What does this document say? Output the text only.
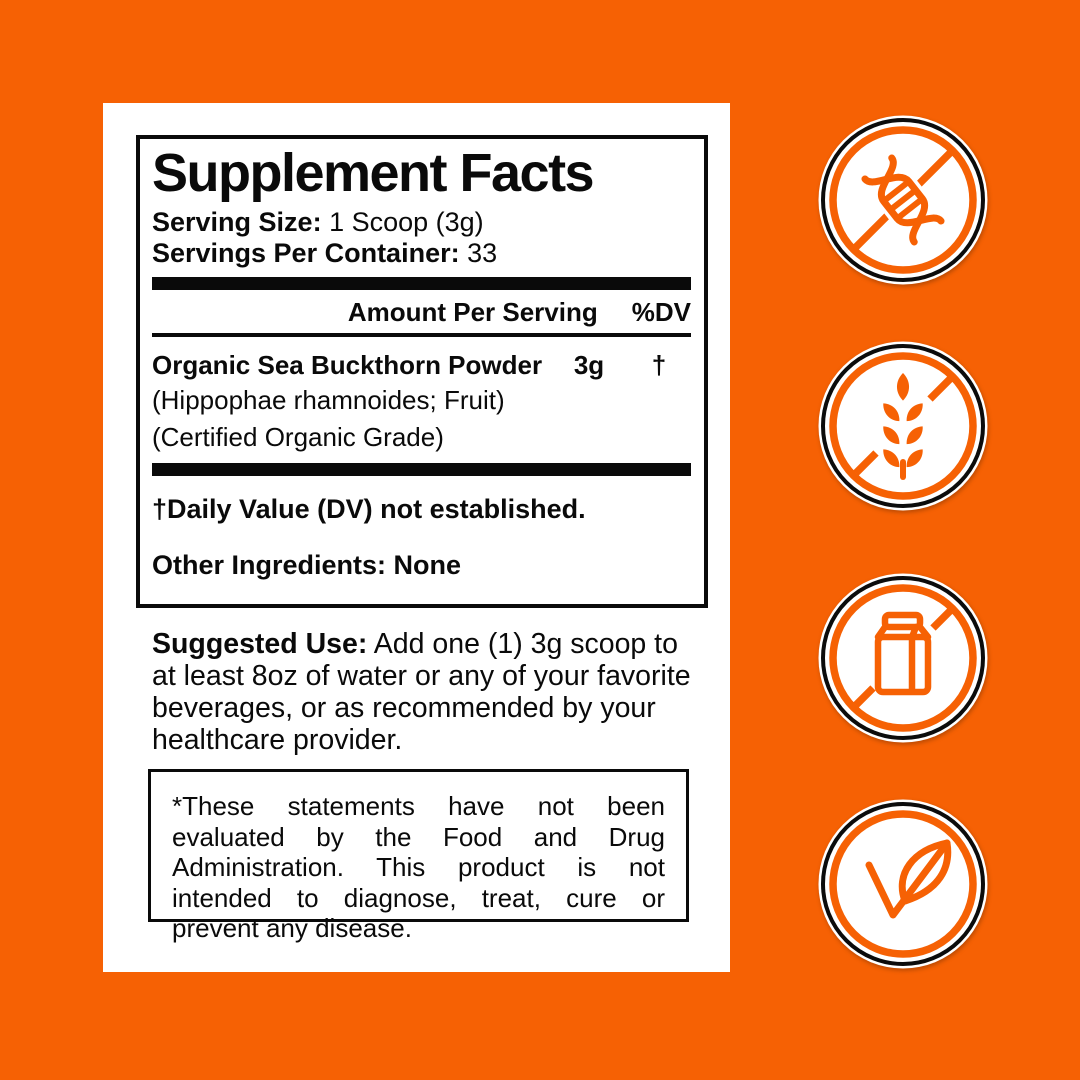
Supplement Facts
Serving Size: 1 Scoop (3g)
Servings Per Container: 33
Amount Per Serving %DV
Organic Sea Buckthorn Powder	3g	†
(Hippophae rhamnoides; Fruit)
(Certified Organic Grade)
†Daily Value (DV) not established.
Other Ingredients: None

Suggested Use: Add one (1) 3g scoop to at least 8oz of water or any of your favorite beverages, or as recommended by your healthcare provider.

*These statements have not been evaluated by the Food and Drug Administration. This product is not intended to diagnose, treat, cure or prevent any disease.
